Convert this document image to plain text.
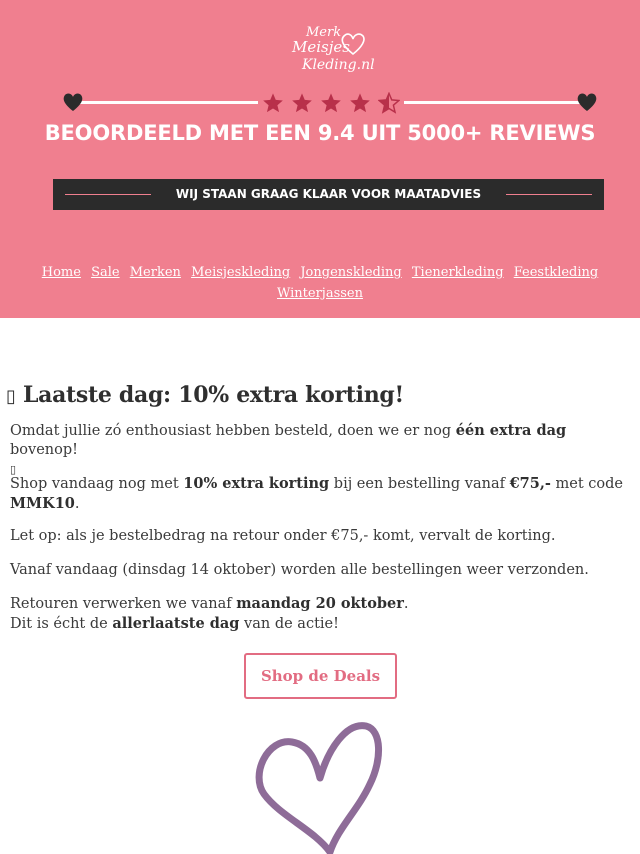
Merk
Meisjes
Kleding.nl
BEOORDEELD MET EEN 9.4 UIT 5000+ REVIEWS
WIJ STAAN GRAAG KLAAR VOOR MAATADVIES
Home Sale Merken Meisjeskleding Jongenskleding Tienerkleding Feestkleding Winterjassen
▯ Laatste dag: 10% extra korting!

Omdat jullie zó enthousiast hebben besteld, doen we er nog één extra dag bovenop!
▯

Shop vandaag nog met 10% extra korting bij een bestelling vanaf €75,- met code
MMK10.

Let op: als je bestelbedrag na retour onder €75,- komt, vervalt de korting.

Vanaf vandaag (dinsdag 14 oktober) worden alle bestellingen weer verzonden.

Retouren verwerken we vanaf maandag 20 oktober.
Dit is écht de allerlaatste dag van de actie!

Shop de Deals
